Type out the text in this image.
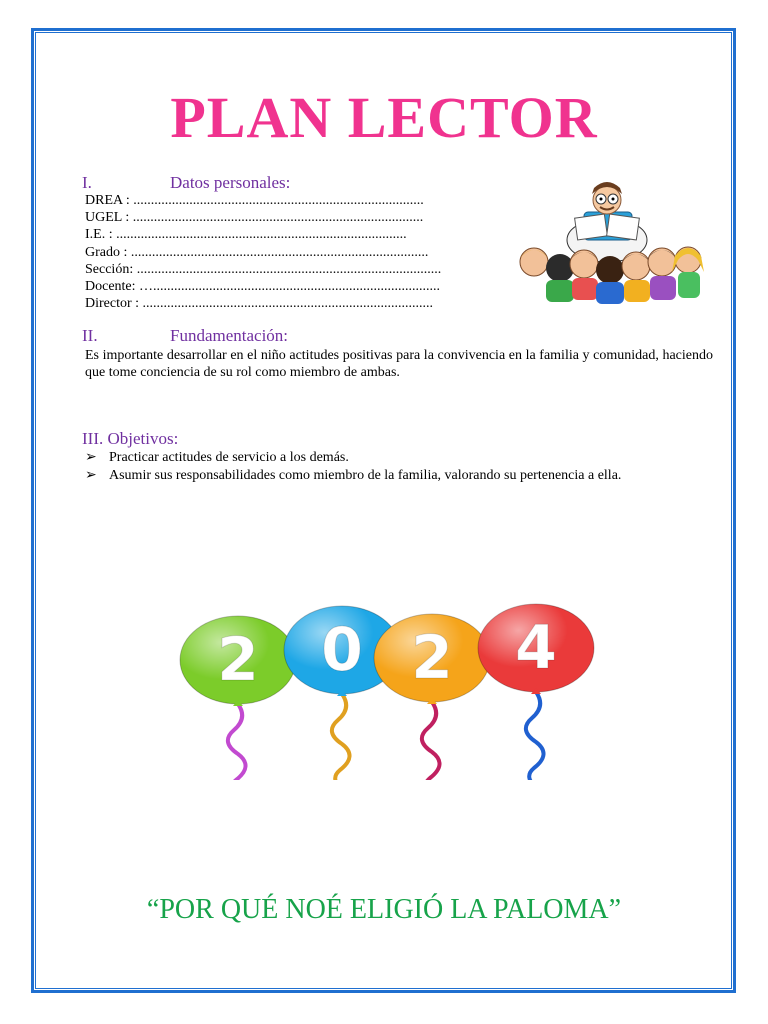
PLAN LECTOR
I.	Datos personales:
DREA : ...................................................................................
UGEL : ...................................................................................
I.E. : ...................................................................................
Grado : .....................................................................................
Sección: .......................................................................................
Docente: …..................................................................................
Director : ...................................................................................
II.	Fundamentación:
Es importante desarrollar en el niño actitudes positivas para la convivencia en la familia y comunidad, haciendo que tome conciencia de su rol como miembro de ambas.
III. Objetivos:
➢ Practicar actitudes de servicio a los demás.
➢ Asumir sus responsabilidades como miembro de la familia, valorando su pertenencia a ella.
2 0 2 4
“POR QUÉ NOÉ ELIGIÓ LA PALOMA”
